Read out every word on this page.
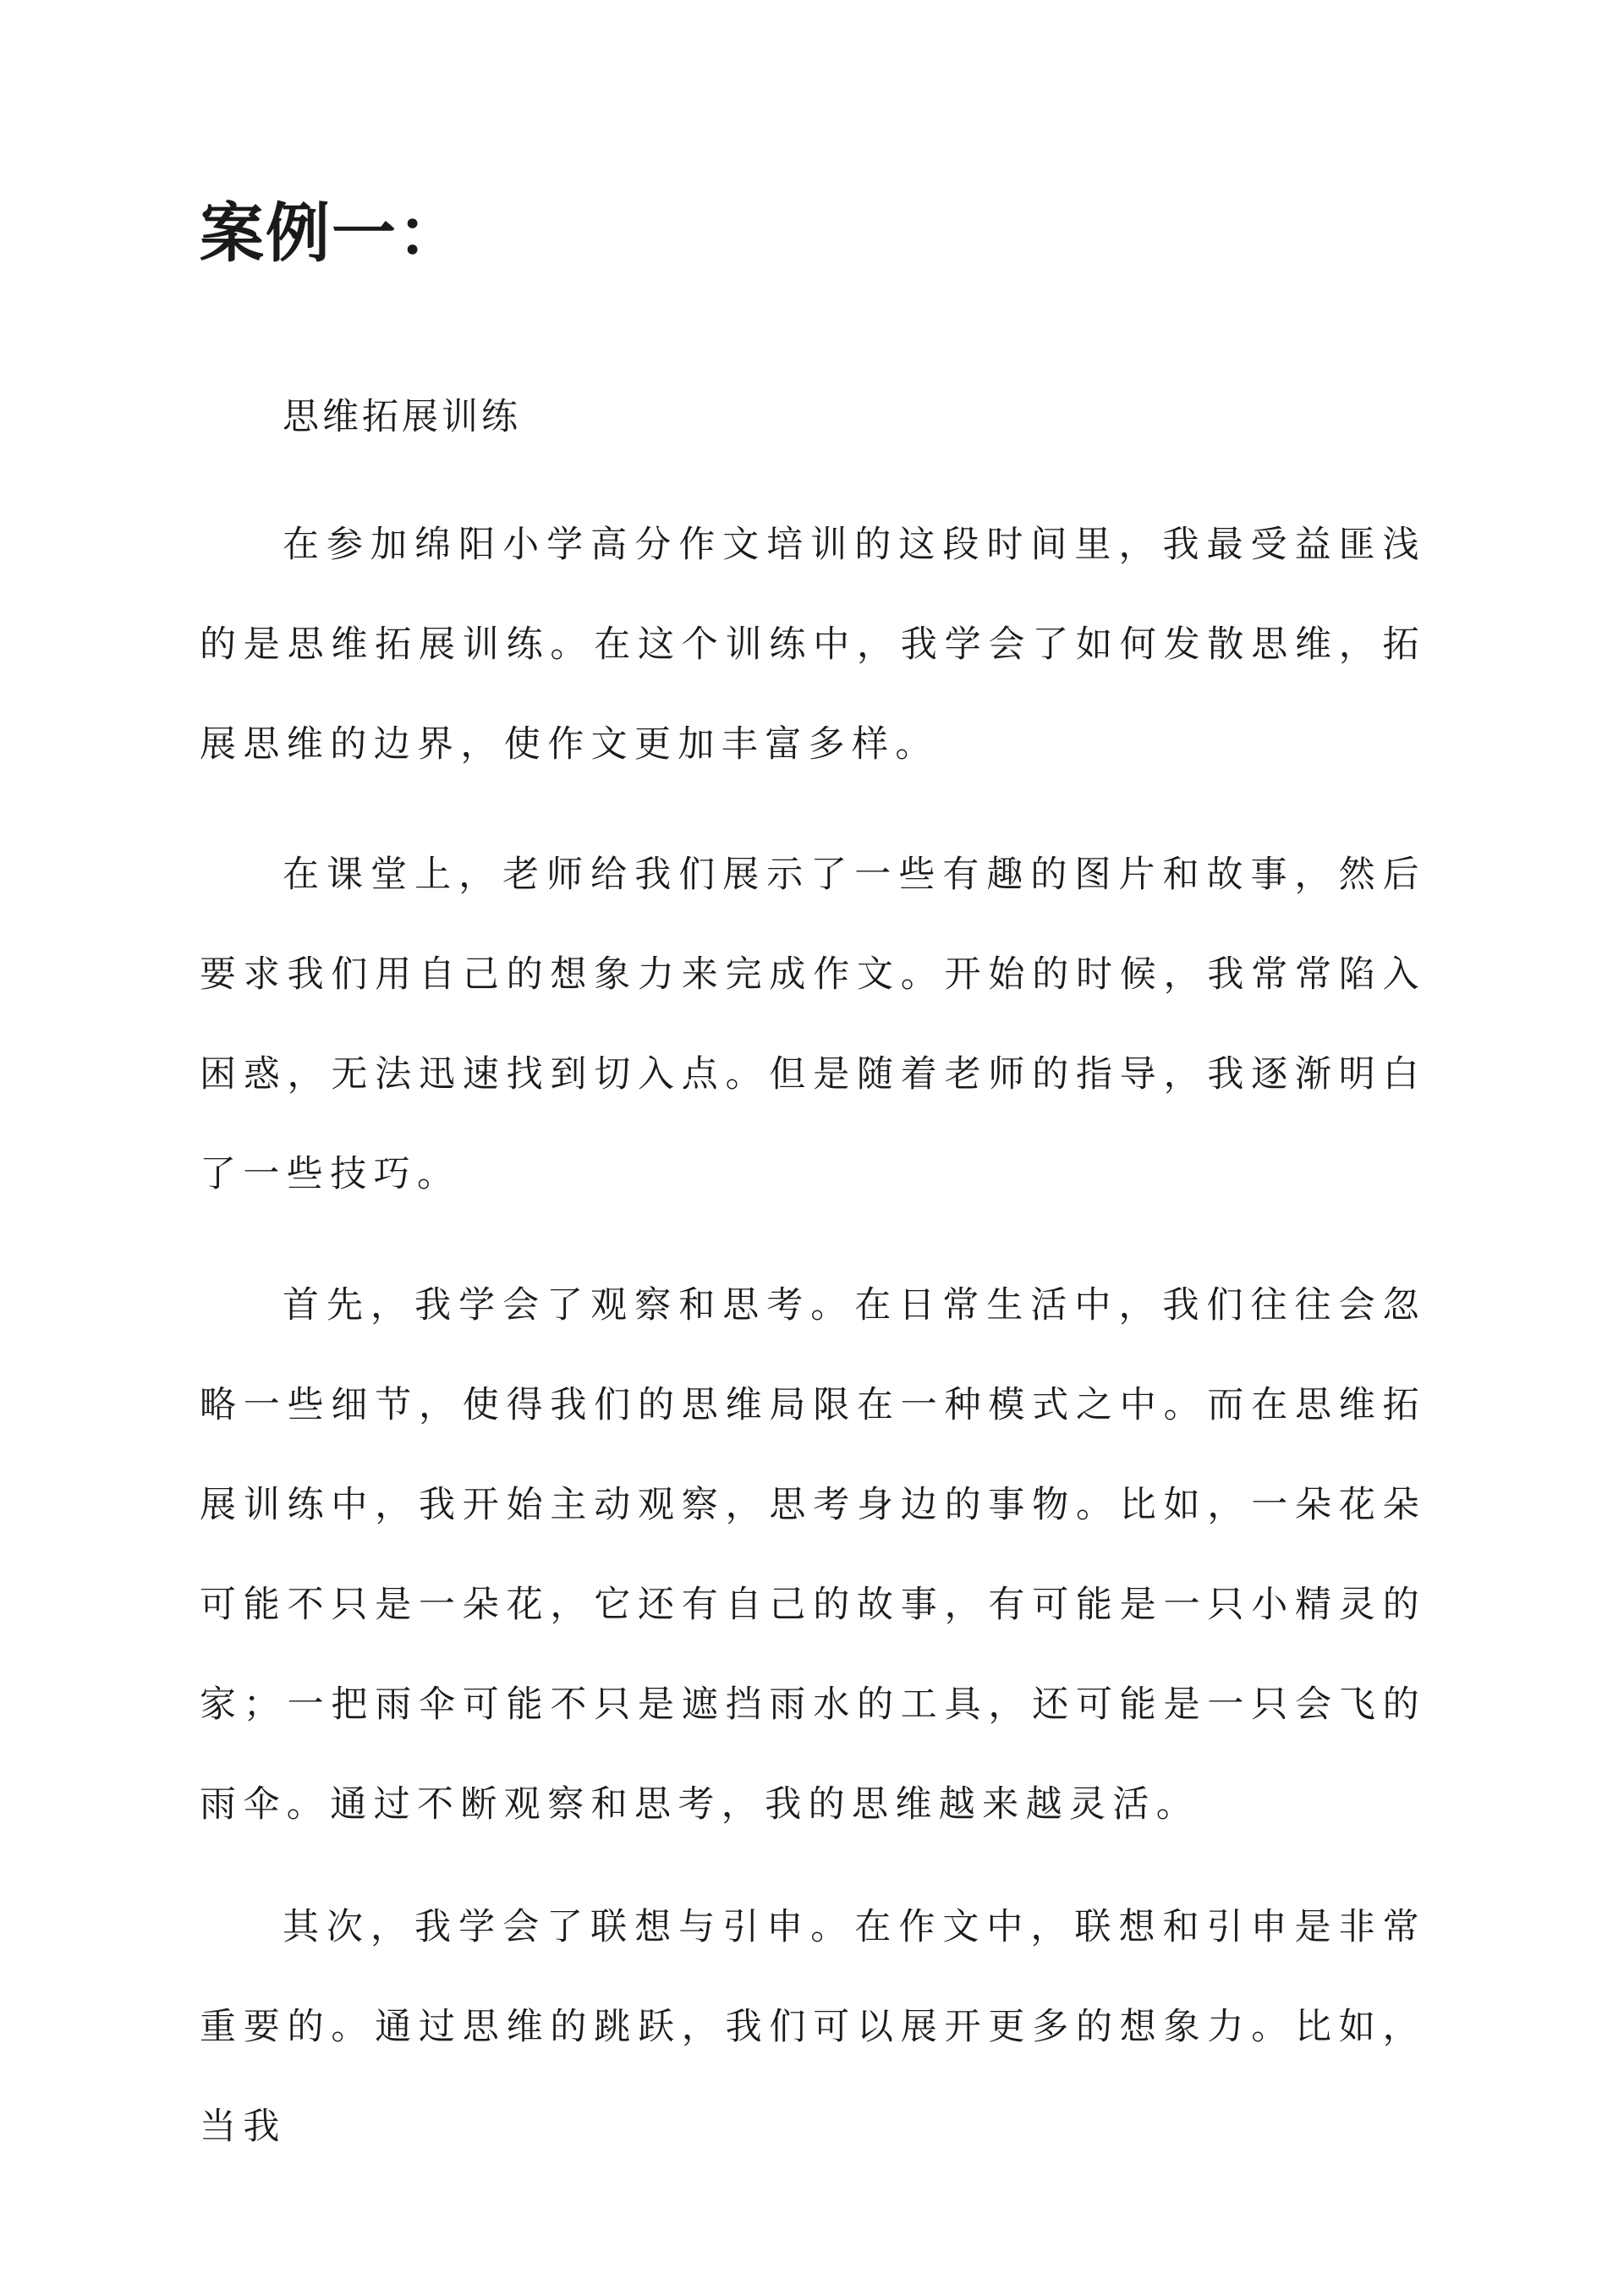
案例一：

思维拓展训练

在参加绵阳小学高分作文培训的这段时间里，我最受益匪浅的是思维拓展训练。在这个训练中，我学会了如何发散思维，拓展思维的边界，使作文更加丰富多样。

在课堂上，老师给我们展示了一些有趣的图片和故事，然后要求我们用自己的想象力来完成作文。开始的时候，我常常陷入困惑，无法迅速找到切入点。但是随着老师的指导，我逐渐明白了一些技巧。

首先，我学会了观察和思考。在日常生活中，我们往往会忽略一些细节，使得我们的思维局限在一种模式之中。而在思维拓展训练中，我开始主动观察，思考身边的事物。比如，一朵花朵可能不只是一朵花，它还有自己的故事，有可能是一只小精灵的家；一把雨伞可能不只是遮挡雨水的工具，还可能是一只会飞的雨伞。通过不断观察和思考，我的思维越来越灵活。

其次，我学会了联想与引申。在作文中，联想和引申是非常重要的。通过思维的跳跃，我们可以展开更多的想象力。比如，当我
